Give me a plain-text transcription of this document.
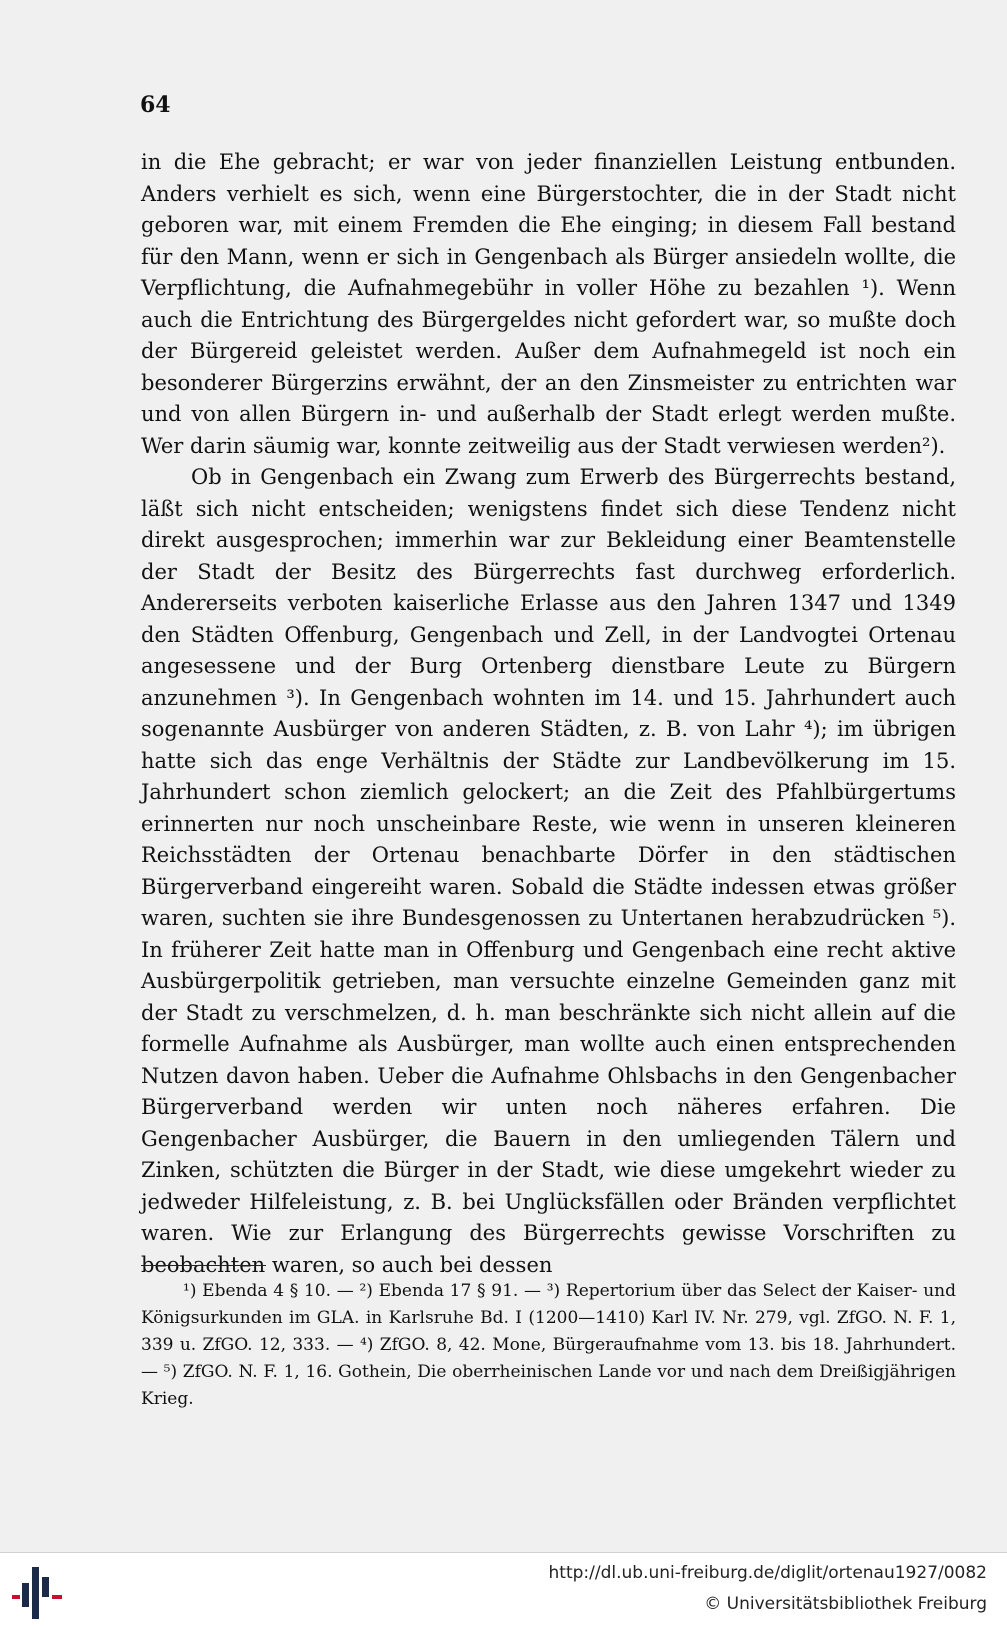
64

in die Ehe gebracht; er war von jeder finanziellen Leistung entbunden. Anders verhielt es sich, wenn eine Bürgerstochter, die in der Stadt nicht geboren war, mit einem Fremden die Ehe einging; in diesem Fall bestand für den Mann, wenn er sich in Gengenbach als Bürger ansiedeln wollte, die Verpflichtung, die Aufnahmegebühr in voller Höhe zu bezahlen ¹). Wenn auch die Entrichtung des Bürgergeldes nicht gefordert war, so mußte doch der Bürgereid geleistet werden. Außer dem Aufnahmegeld ist noch ein besonderer Bürgerzins erwähnt, der an den Zinsmeister zu entrichten war und von allen Bürgern in- und außerhalb der Stadt erlegt werden mußte. Wer darin säumig war, konnte zeitweilig aus der Stadt verwiesen werden²).

Ob in Gengenbach ein Zwang zum Erwerb des Bürgerrechts bestand, läßt sich nicht entscheiden; wenigstens findet sich diese Tendenz nicht direkt ausgesprochen; immerhin war zur Bekleidung einer Beamtenstelle der Stadt der Besitz des Bürgerrechts fast durchweg erforderlich. Andererseits verboten kaiserliche Erlasse aus den Jahren 1347 und 1349 den Städten Offenburg, Gengenbach und Zell, in der Landvogtei Ortenau angesessene und der Burg Ortenberg dienstbare Leute zu Bürgern anzunehmen ³). In Gengenbach wohnten im 14. und 15. Jahrhundert auch sogenannte Ausbürger von anderen Städten, z. B. von Lahr ⁴); im übrigen hatte sich das enge Verhältnis der Städte zur Landbevölkerung im 15. Jahrhundert schon ziemlich gelockert; an die Zeit des Pfahlbürgertums erinnerten nur noch unscheinbare Reste, wie wenn in unseren kleineren Reichsstädten der Ortenau benachbarte Dörfer in den städtischen Bürgerverband eingereiht waren. Sobald die Städte indessen etwas größer waren, suchten sie ihre Bundesgenossen zu Untertanen herabzudrücken ⁵). In früherer Zeit hatte man in Offenburg und Gengenbach eine recht aktive Ausbürgerpolitik getrieben, man versuchte einzelne Gemeinden ganz mit der Stadt zu verschmelzen, d. h. man beschränkte sich nicht allein auf die formelle Aufnahme als Ausbürger, man wollte auch einen entsprechenden Nutzen davon haben. Ueber die Aufnahme Ohlsbachs in den Gengenbacher Bürgerverband werden wir unten noch näheres erfahren. Die Gengenbacher Ausbürger, die Bauern in den umliegenden Tälern und Zinken, schützten die Bürger in der Stadt, wie diese umgekehrt wieder zu jedweder Hilfeleistung, z. B. bei Unglücksfällen oder Bränden verpflichtet waren. Wie zur Erlangung des Bürgerrechts gewisse Vorschriften zu beobachten waren, so auch bei dessen

¹) Ebenda 4 § 10. — ²) Ebenda 17 § 91. — ³) Repertorium über das Select der Kaiser- und Königsurkunden im GLA. in Karlsruhe Bd. I (1200—1410) Karl IV. Nr. 279, vgl. ZfGO. N. F. 1, 339 u. ZfGO. 12, 333. — ⁴) ZfGO. 8, 42. Mone, Bürgeraufnahme vom 13. bis 18. Jahrhundert. — ⁵) ZfGO. N. F. 1, 16. Gothein, Die oberrheinischen Lande vor und nach dem Dreißigjährigen Krieg.

http://dl.ub.uni-freiburg.de/diglit/ortenau1927/0082
© Universitätsbibliothek Freiburg
